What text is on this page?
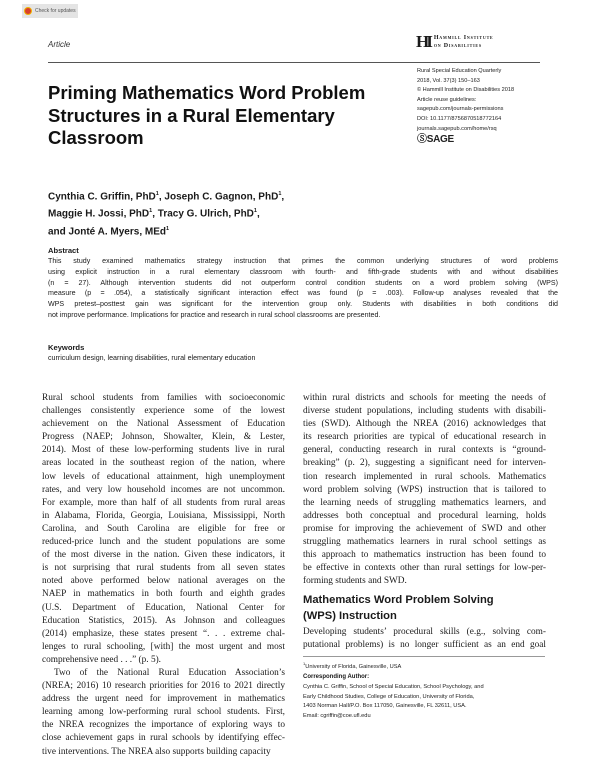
Check for updates
Article	HI Hammill Institute
on Disabilities
Priming Mathematics Word Problem
Structures in a Rural Elementary
Classroom
Rural Special Education Quarterly
2018, Vol. 37(3) 150–163
© Hammill Institute on Disabilities 2018
Article reuse guidelines:
sagepub.com/journals-permissions
DOI: 10.1177/8756870518772164
journals.sagepub.com/home/rsq
ⓈSAGE
Cynthia C. Griffin, PhD$^1$, Joseph C. Gagnon, PhD$^1$,
Maggie H. Jossi, PhD$^1$, Tracy G. Ulrich, PhD$^1$,
and Jonté A. Myers, MEd$^1$
Abstract
This study examined mathematics strategy instruction that primes the common underlying structures of word problems
using explicit instruction in a rural elementary classroom with fourth- and fifth-grade students with and without disabilities
(n = 27). Although intervention students did not outperform control condition students on a word problem solving (WPS)
measure (p = .054), a statistically significant interaction effect was found (p = .003). Follow-up analyses revealed that the
WPS pretest–posttest gain was significant for the intervention group only. Students with disabilities in both conditions did
not improve performance. Implications for practice and research in rural school classrooms are presented.
Keywords
curriculum design, learning disabilities, rural elementary education
Rural school students from families with socioeconomic
challenges consistently experience some of the lowest
achievement on the National Assessment of Education
Progress (NAEP; Johnson, Showalter, Klein, & Lester,
2014). Most of these low-performing students live in rural
areas located in the southeast region of the nation, where
low levels of educational attainment, high unemployment
rates, and very low household incomes are not uncommon.
For example, more than half of all students from rural areas
in Alabama, Florida, Georgia, Louisiana, Mississippi, North
Carolina, and South Carolina are eligible for free or
reduced-price lunch and the student populations are some
of the most diverse in the nation. Given these indicators, it
is not surprising that rural students from all seven states
noted above performed below national averages on the
NAEP in mathematics in both fourth and eighth grades
(U.S. Department of Education, National Center for
Education Statistics, 2015). As Johnson and colleagues
(2014) emphasize, these states present “. . . extreme chal-
lenges to rural schooling, [with] the most urgent and most
comprehensive need . . .” (p. 5).
Two of the National Rural Education Association’s
(NREA; 2016) 10 research priorities for 2016 to 2021 directly
address the urgent need for improvement in mathematics
learning among low-performing rural school students. First,
the NREA recognizes the importance of exploring ways to
close achievement gaps in rural schools by identifying effec-
tive interventions. The NREA also supports building capacity
within rural districts and schools for meeting the needs of
diverse student populations, including students with disabili-
ties (SWD). Although the NREA (2016) acknowledges that
its research priorities are typical of educational research in
general, conducting research in rural contexts is “ground-
breaking” (p. 2), suggesting a significant need for interven-
tion research implemented in rural schools. Mathematics
word problem solving (WPS) instruction that is tailored to
the learning needs of struggling mathematics learners, and
addresses both conceptual and procedural learning, holds
promise for improving the achievement of SWD and other
struggling mathematics learners in rural school settings as
this approach to mathematics instruction has been found to
be effective in contexts other than rural settings for low-per-
forming students and SWD.
Mathematics Word Problem Solving
(WPS) Instruction
Developing students’ procedural skills (e.g., solving com-
putational problems) is no longer sufficient as an end goal
$^1$University of Florida, Gainesville, USA
Corresponding Author:
Cynthia C. Griffin, School of Special Education, School Psychology, and
Early Childhood Studies, College of Education, University of Florida,
1403 Norman Hall/P.O. Box 117050, Gainesville, FL 32611, USA.
Email: cgriffin@coe.ufl.edu
